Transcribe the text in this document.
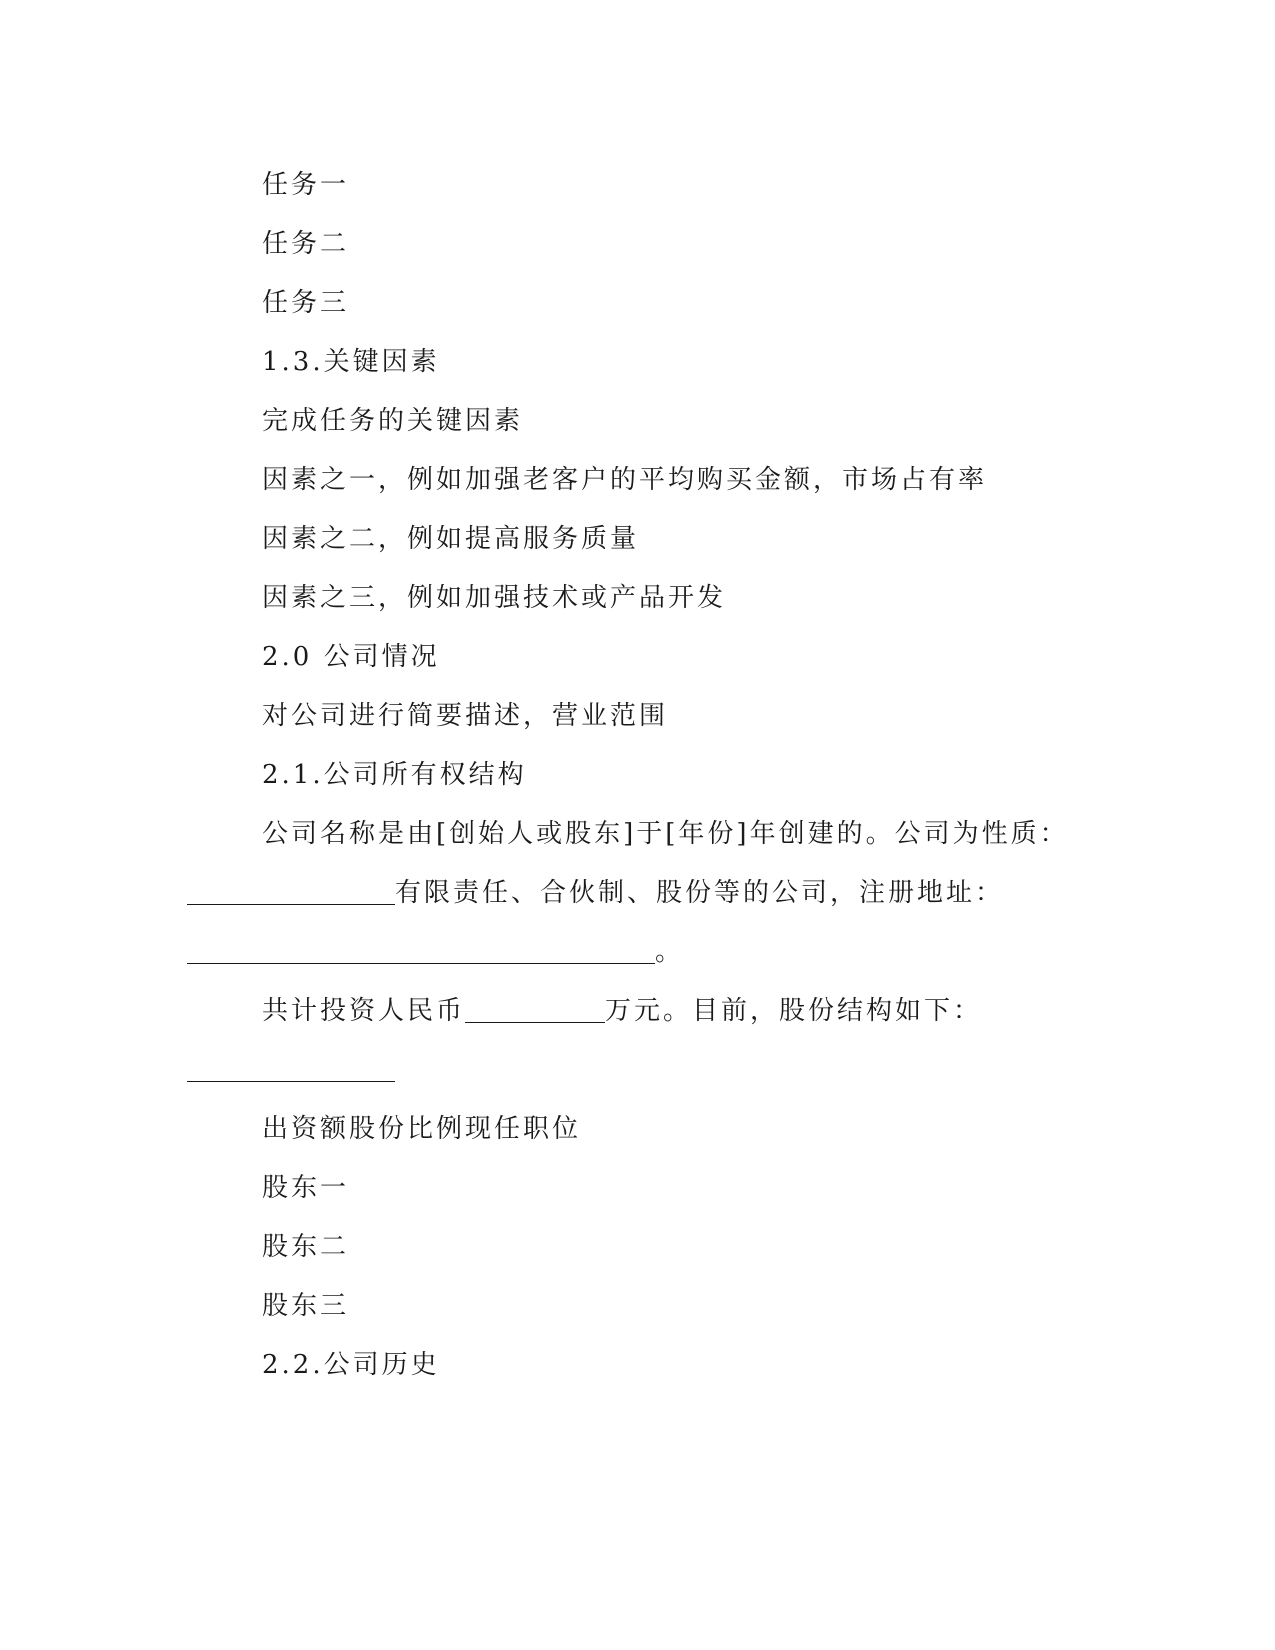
任务一
任务二
任务三
1.3.关键因素
完成任务的关键因素
因素之一，例如加强老客户的平均购买金额，市场占有率
因素之二，例如提高服务质量
因素之三，例如加强技术或产品开发
2.0 公司情况
对公司进行简要描述，营业范围
2.1.公司所有权结构
公司名称是由[创始人或股东]于[年份]年创建的。公司为性质：
有限责任、合伙制、股份等的公司，注册地址：
。
共计投资人民币	万元。目前，股份结构如下：
出资额股份比例现任职位
股东一
股东二
股东三
2.2.公司历史
